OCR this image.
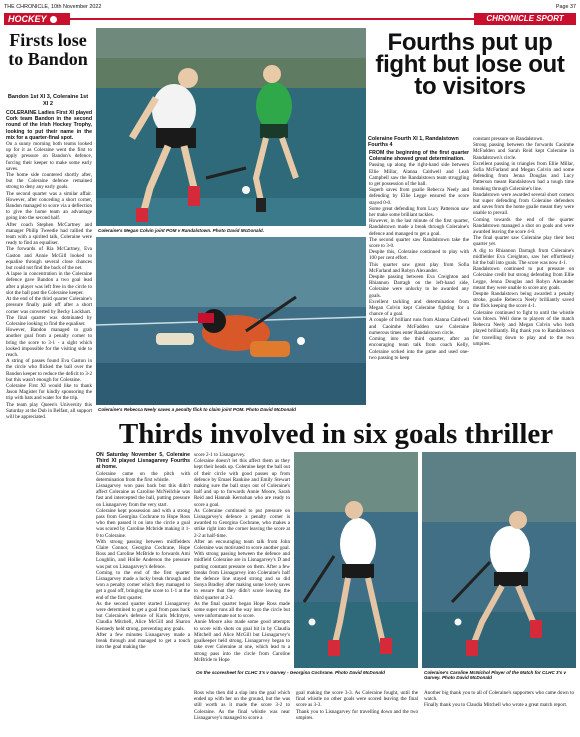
THE CHRONICLE, 10th November 2022	Page 37
HOCKEY	CHRONICLE SPORT
Firsts lose to Bandon
Bandon 1st XI 3, Coleraine 1st XI 2

COLERAINE Ladies First XI played Cork team Bandon in the second round of the Irish Hockey Trophy, looking to put their name in the mix for a quarter-final spot.

On a sunny morning both teams looked up for it as Coleraine went the first to apply pressure on Bandon's defence, forcing their keeper to make some early saves.

The home side countered shortly after, but the Coleraine defence remained strong to deny any early goals.

The second quarter was a similar affair. However, after conceding a short corner, Bandon managed to score via a deflection to give the home team an advantage going into the second half.

After coach Stephen McCartney and manager Philip Tweedie had rallied the team with a spirited talk, Coleraine were ready to find an equaliser.

The forwards of Ria McCartney, Eva Gaston and Annie McGill looked to equalise through several close chances but could not find the back of the net.

A lapse in concentration in the Coleraine defence gave Bandon a two goal lead after a player was left free in the circle to slot the ball past the Coleraine keeper.

At the end of the third quarter Coleraine's pressure finally paid off after a short corner was converted by Becky Lockhart.

The final quarter was dominated by Coleraine looking to find the equaliser.

However, Bandon managed to grab another goal from a penalty corner to bring the score to 3-1 - a sight which looked impossible for the visiting side to reach.

A string of passes found Eva Gaston in the circle who flicked the ball over the Bandon keeper to reduce the deficit to 3-2 but this wasn't enough for Coleraine.

Coleraine First XI would like to thank Jason Magister for kindly sponsoring the trip with bats and water for the trip.

The team play Queen's University this Saturday at the Dub in Belfast, all support will be appreciated.

Coleraine's Megan Colvin joint POM v Randalstown. Photo David McDonald.
Coleraine's Rebecca Neely saves a penalty flick to claim joint POM. Photo David McDonald
Fourths put up fight but lose out to visitors
Coleraine Fourth XI 1, Randalstown Fourths 4

FROM the beginning of the first quarter Coleraine showed great determination.

Passing up along the right-hand side between Ellie Millar, Alanna Caldwell and Leah Campbell saw the Randalstown team struggling to get possession of the ball.

Superb saves from goalie Rebecca Neely and defending by Ellie Legge ensured the score stayed 0-0.

Some great defending from Lucy Patterson saw her make some brilliant tackles.

However, in the last minute of the first quarter, Randalstown made a break through Coleraine's defence and managed to get a goal.

The second quarter saw Randalstown take the score to 3-0.

Despite this, Coleraine continued to play with 100 per cent effort.

This quarter saw great play from Sofia McFarland and Robyn Alexander.

Despite passing between Eva Creighton and Rhiannon Darragh on the left-hand side, Coleraine were unlucky to be awarded any goals.

Excellent tackling and determination from Megan Colvin kept Coleraine fighting for a chance of a goal.

A couple of brilliant runs from Alanna Caldwell and Caoimhe McFadden saw Coleraine numerous times enter Randalstown circle.

Coming into the third quarter, after an encouraging team talk from coach Kelly, Coleraine scrked into the game and used one-two passing to keep

constant pressure on Randalstown.

Strong passing between the forwards Caoimhe McFadden and Sarah Reid kept Coleraine in Randalstown's circle.

Excellent passing in triangles from Ellie Millar, Sofia McFarland and Megan Colvin and some defending from Jenna Douglas and Lucy Patterson meant Randalstown had a tough time breaking through Coleraine's line.

Randalstown were awarded several short corners but super defending from Coleraine defenders and saves from the home goalie meant they were unable to prevail.

Coming towards the end of the quarter Randalstown managed a shot on goals and were awarded leaving the score 4-0.

The final quarter saw Coleraine play their best quarter yet.

A dig to Rhiannon Darragh from Coleraine's midfielder Eva Creighton, saw her effortlessly hit the ball into goals. The score was now 4-1.

Randalstown continued to put pressure on Coleraine credit but strong defending from Ellie Legge, Jenna Douglas and Robyn Alexander meant they were unable to score any goals.

Despite Randalstown being awarded a penalty stroke, goalie Rebecca Neely brilliantly saved the flick keeping the score 4-1.

Coleraine continued to fight to until the whistle was blown. Well done to players of the match Rebecca Neely and Megan Colvin who both played brilliantly. Big thank you to Randalstown for travelling down to play and to the two umpires.

Thirds involved in six goals thriller

ON Saturday November 5, Coleraine Third XI played Lisnagarvey Fourths at home.

Coleraine came on the pitch with determination from the first whistle.

Lisnagarvey won pass back but this didn't affect Coleraine as Caroline McNeilchie was fast and intercepted the ball, putting pressure on Lisnagarvey from the very start.

Coleraine kept possession and with a strong pass from Georgina Cochrane to Hope Ross who then passed it on into the circle a goal was scored by Caroline Mcbride making it 1-0 to Coleraine.

With strong passing between midfielders Claire Connor, Georgina Cochrane, Hope Ross and Caroline McBride to forwards Ami Loughlin, and Hollie Anderson the pressure was put on Lisnagarvey's defence.

Coming to the end of the first quarter Lisnagarvey made a lucky break through and won a penalty corner which they managed to get a goal off, bringing the score to 1-1 at the end of the first quarter.

As the second quarter started Lisnagarvey were determined to get a goal from pass back but Coleraine's defence of Karis McIntyre, Claudia Mitchell, Alice McGill and Sharon Kennedy held strong, preventing any goals.

After a few minutes Lisnagarvey made a break through and managed to get a touch into the goal making the

score 2-1 to Lisnagarvey.

Coleraine doesn't let this affect them as they kept their heads up. Coleraine kept the ball out of their circle with good passes up from defence by Emaei Rankine and Emily Stewart making sure the ball stays out of Coleraine's half and up to forwards Annie Moore, Sarah Reid and Hannah Kernohan who are ready to score a goal.

As Coleraine continued to put pressure on Lisnagarvey's defence a penalty corner is awarded to Georgina Cochrane, who makes a strike right into the corner leaving the score at 2-2 at half-time.

After an encouraging team talk from John Coleraine was motivated to score another goal. With strong passing between the defence and midfield Coleraine are in Lisnagarvey's D and putting constant pressure on them. After a few breaks from Lisnagarvey into Coleraine's half the defence line stayed strong and so did Sonya Bradley after making some lovely saves to ensure that they didn't score leaving the third quarter at 2-2.

As the final quarter began Hope Ross made some super runs all the way into the circle but were unfortunate not to score.

Annie Moore also made some good attempts to score with shots on goal hit in by Claudia Mitchell and Alice McGill but Lisnagarvey's goalkeeper held strong. Lisnagarvey began to take over Coleraine at one, which lead to a strong pass into the circle from Caroline McBride to Hope

On the scoresheet for CLHC 3's v Garvey - Georgina Cochrane. Photo David McDonald	Coleraine's Caroline McNichol Player of the Match for CLHC 3's v Garvey. Photo David McDonald

Ross who then did a slap into the goal which ended up with her on the ground, but the was still worth as it made the score 3-2 to Coleraine. As the final whistle was near Lisnagarvey's managed to score a

goal making the score 3-3. As Coleraine fought, until the final whistle no other goals were scored leaving the final score as 3-3.

Thank you to Lisnagarvey for travelling down and the two umpires.

Another big thank you to all of Coleraine's supporters who came down to watch.

Finally thank you to Claudia Mitchell who wrote a great match report.
